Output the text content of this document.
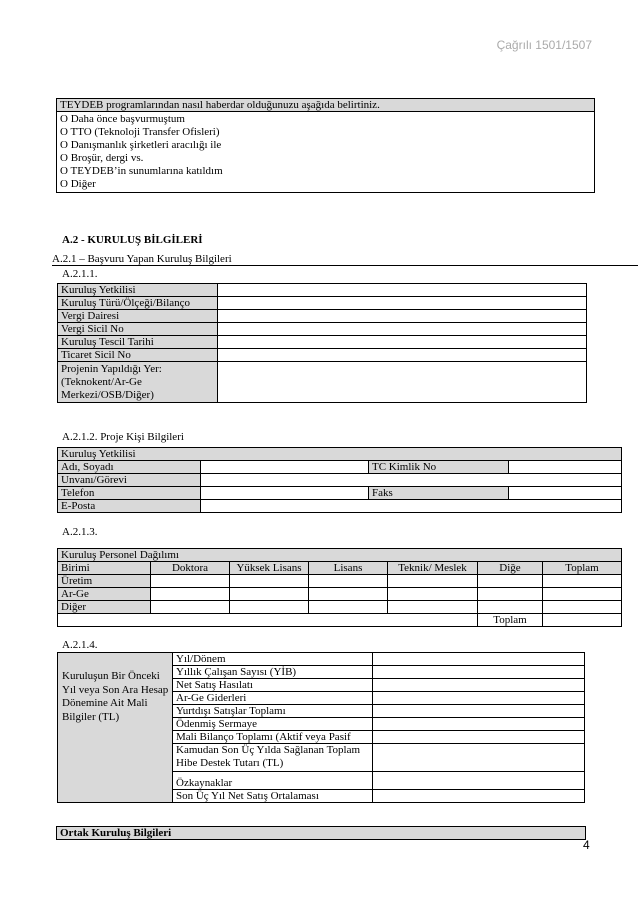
Çağrılı 1501/1507
TEYDEB programlarından nasıl haberdar olduğunuzu aşağıda belirtiniz.

O Daha önce başvurmuştum
O TTO (Teknoloji Transfer Ofisleri)
O Danışmanlık şirketleri aracılığı ile
O Broşür, dergi vs.
O TEYDEB’in sunumlarına katıldım
O Diğer
A.2 - KURULUŞ BİLGİLERİ
A.2.1 – Başvuru Yapan Kuruluş Bilgileri
A.2.1.1.
Kuruluş Yetkilisi	
Kuruluş Türü/Ölçeği/Bilanço	
Vergi Dairesi	
Vergi Sicil No	
Kuruluş Tescil Tarihi	
Ticaret Sicil No	
Projenin Yapıldığı Yer: (Teknokent/Ar-Ge Merkezi/OSB/Diğer)	
A.2.1.2. Proje Kişi Bilgileri
Kuruluş Yetkilisi			
Adı, Soyadı		TC Kimlik No	
Unvanı/Görevi			
Telefon		Faks	
E-Posta			
A.2.1.3.
Kuruluş Personel Dağılımı						
Birimi	Doktora	Yüksek Lisans	Lisans	Teknik/ Meslek	Diğe	Toplam
Üretim						
Ar-Ge						
Diğer						
					Toplam	
A.2.1.4.
Kuruluşun Bir Önceki Yıl veya Son Ara Hesap Dönemine Ait Mali Bilgiler (TL)	Yıl/Dönem	
	Yıllık Çalışan Sayısı (YİB)	
	Net Satış Hasılatı	
	Ar-Ge Giderleri	
	Yurtdışı Satışlar Toplamı	
	Ödenmiş Sermaye	
	Mali Bilanço Toplamı (Aktif veya Pasif	
	Kamudan Son Üç Yılda Sağlanan Toplam Hibe Destek Tutarı (TL)	
	Özkaynaklar	
	Son Üç Yıl Net Satış Ortalaması	
Ortak Kuruluş Bilgileri
4
